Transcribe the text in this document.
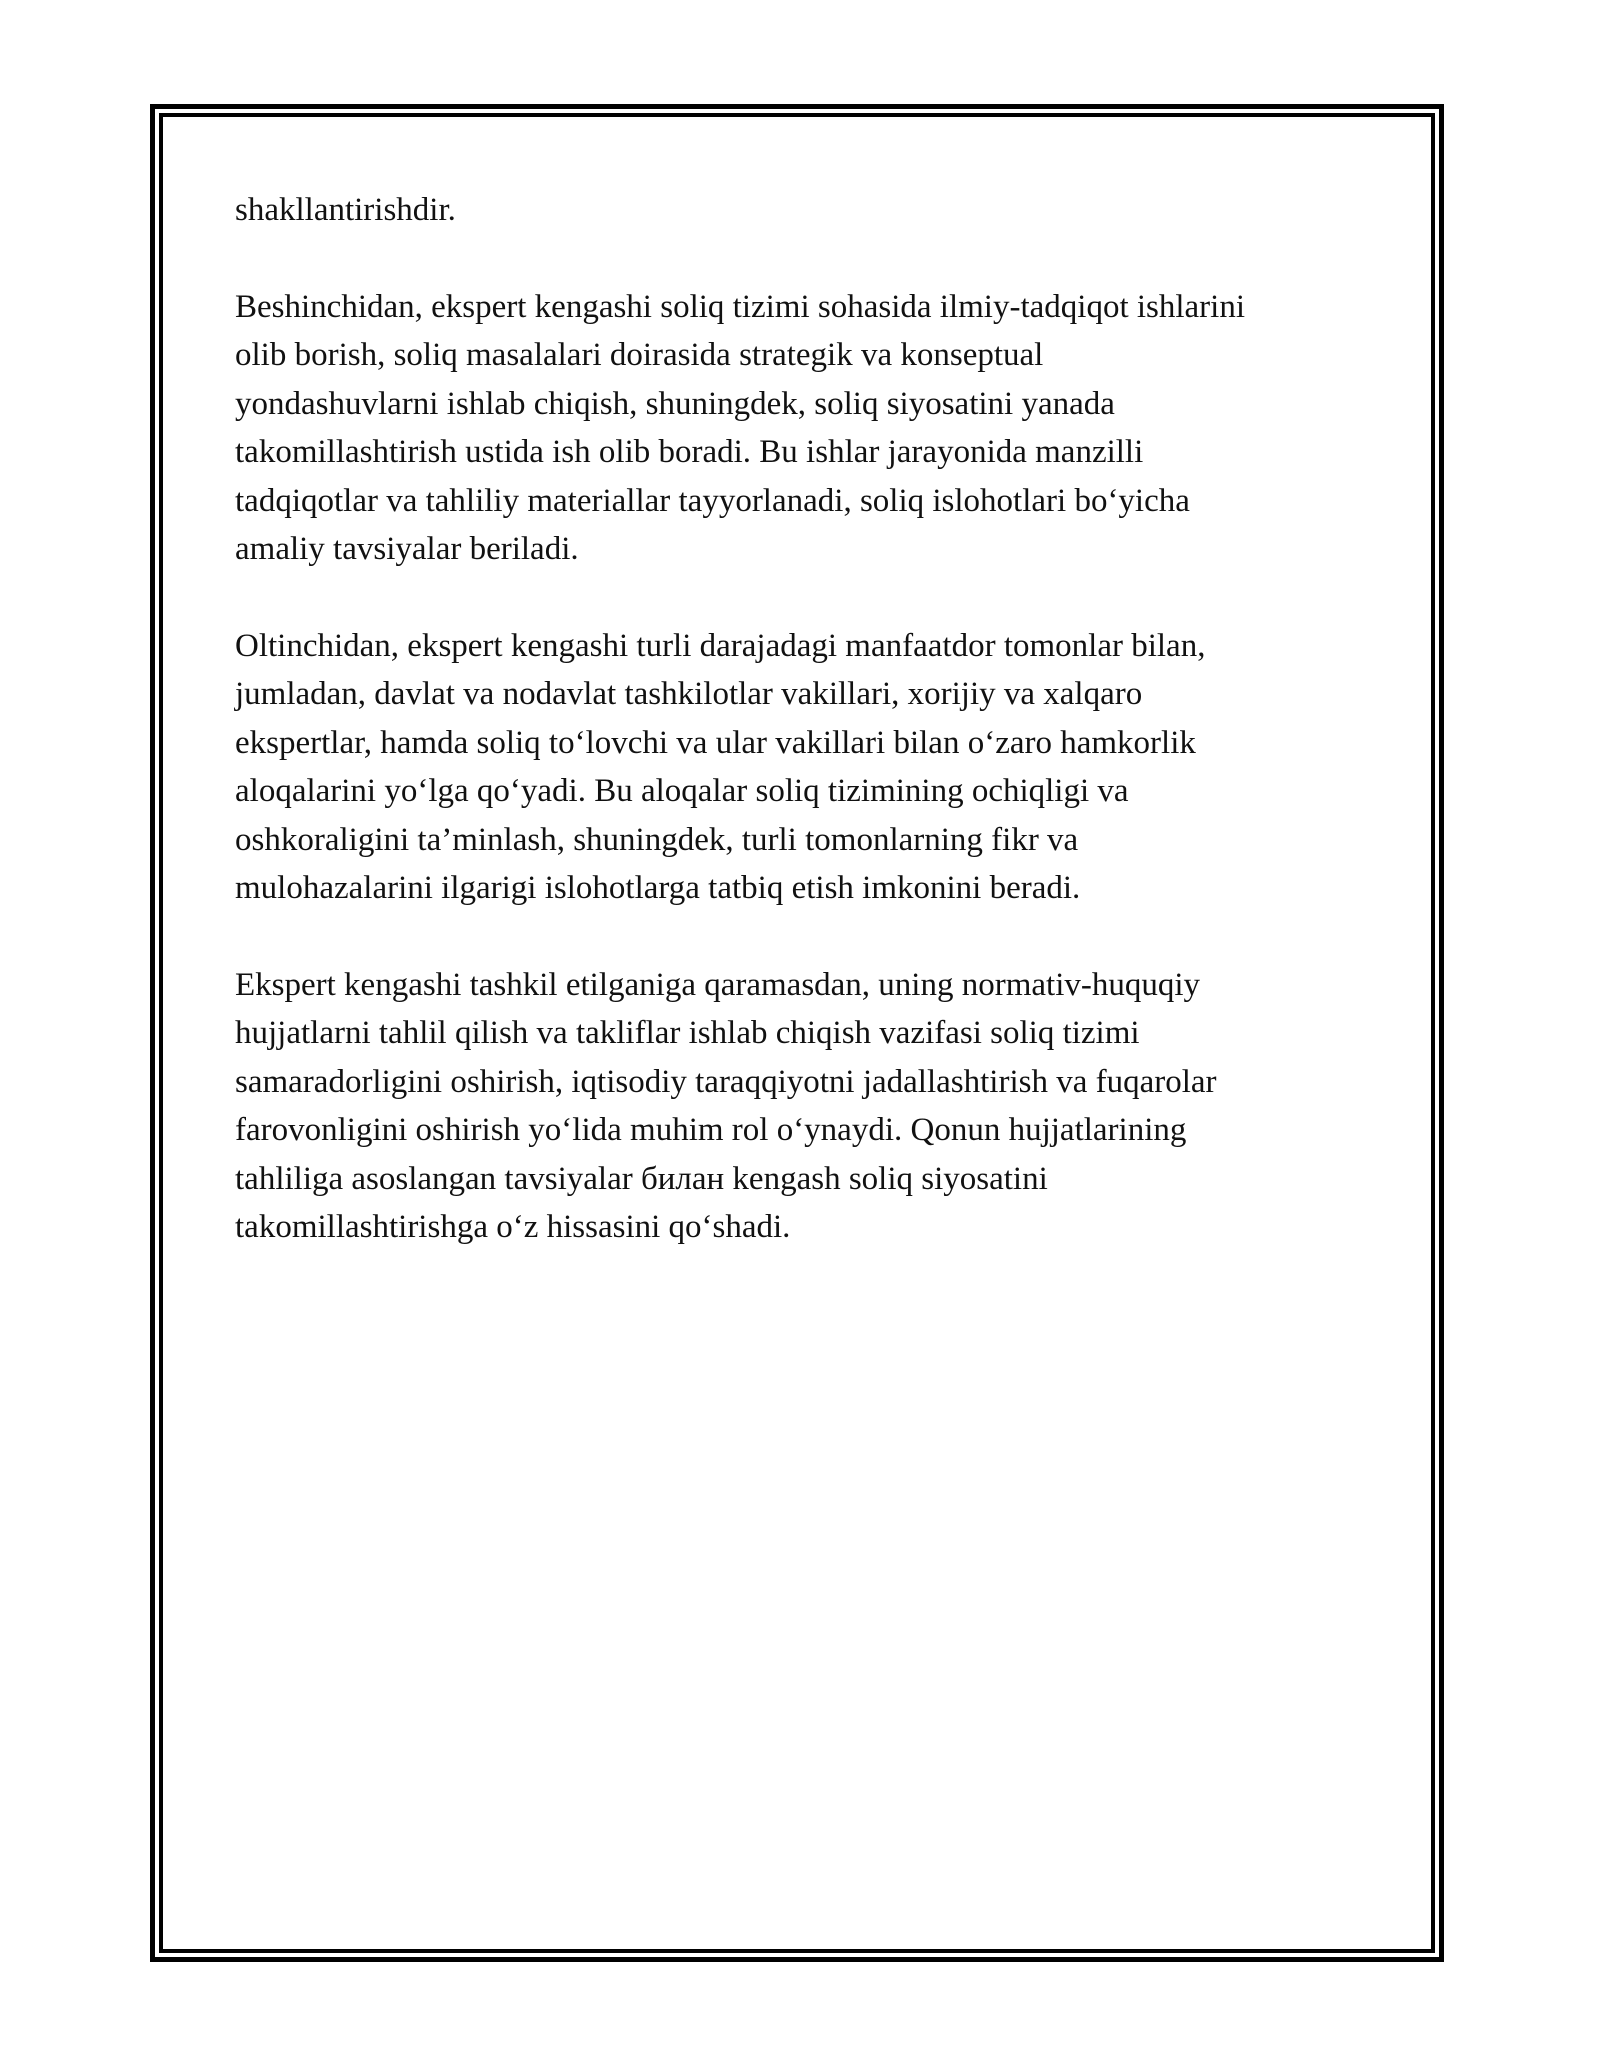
shakllantirishdir.

Beshinchidan, ekspert kengashi soliq tizimi sohasida ilmiy-tadqiqot ishlarini
olib borish, soliq masalalari doirasida strategik va konseptual
yondashuvlarni ishlab chiqish, shuningdek, soliq siyosatini yanada
takomillashtirish ustida ish olib boradi. Bu ishlar jarayonida manzilli
tadqiqotlar va tahliliy materiallar tayyorlanadi, soliq islohotlari bo‘yicha
amaliy tavsiyalar beriladi.

Oltinchidan, ekspert kengashi turli darajadagi manfaatdor tomonlar bilan,
jumladan, davlat va nodavlat tashkilotlar vakillari, xorijiy va xalqaro
ekspertlar, hamda soliq to‘lovchi va ular vakillari bilan o‘zaro hamkorlik
aloqalarini yo‘lga qo‘yadi. Bu aloqalar soliq tizimining ochiqligi va
oshkoraligini ta’minlash, shuningdek, turli tomonlarning fikr va
mulohazalarini ilgarigi islohotlarga tatbiq etish imkonini beradi.

Ekspert kengashi tashkil etilganiga qaramasdan, uning normativ-huquqiy
hujjatlarni tahlil qilish va takliflar ishlab chiqish vazifasi soliq tizimi
samaradorligini oshirish, iqtisodiy taraqqiyotni jadallashtirish va fuqarolar
farovonligini oshirish yo‘lida muhim rol o‘ynaydi. Qonun hujjatlarining
tahliliga asoslangan tavsiyalar билан kengash soliq siyosatini
takomillashtirishga o‘z hissasini qo‘shadi.
